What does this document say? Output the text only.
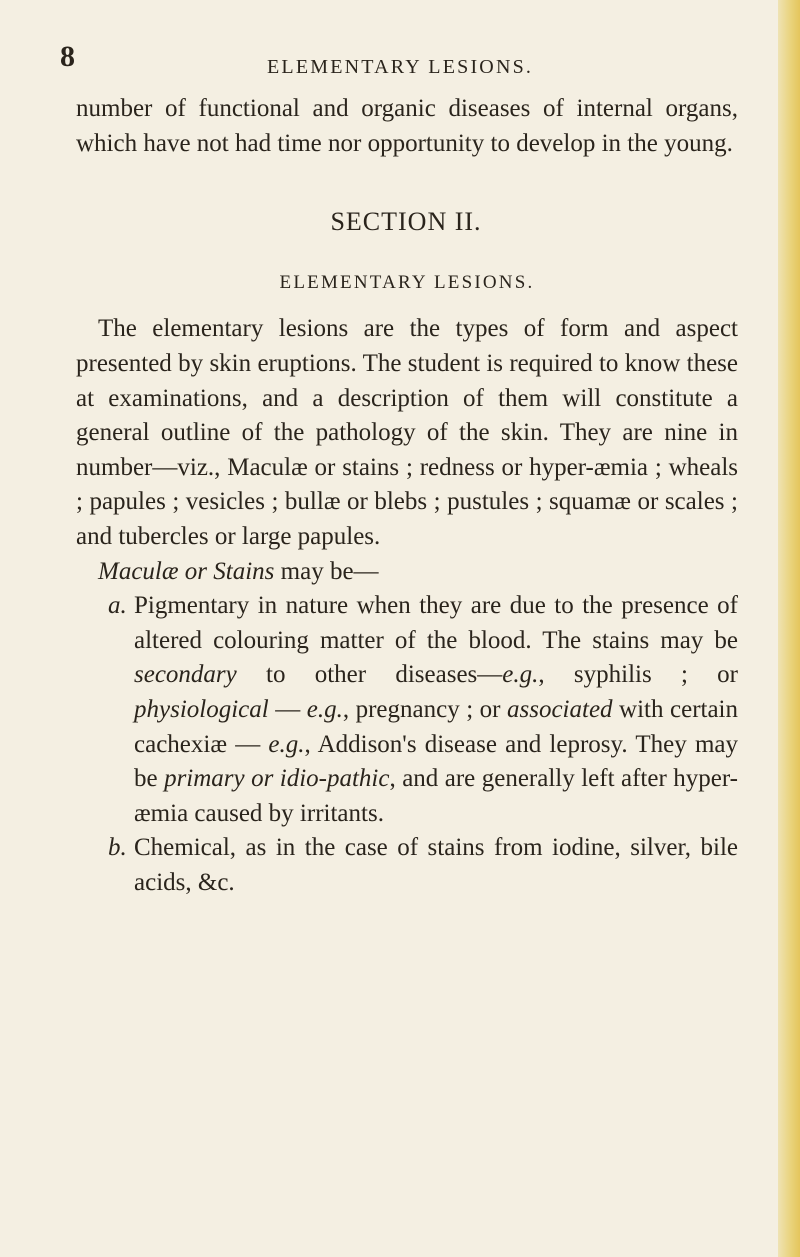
8	ELEMENTARY LESIONS.

number of functional and organic diseases of internal organs, which have not had time nor opportunity to develop in the young.

SECTION II.
ELEMENTARY LESIONS.

The elementary lesions are the types of form and aspect presented by skin eruptions. The student is required to know these at examinations, and a description of them will constitute a general outline of the pathology of the skin. They are nine in number—viz., Maculæ or stains ; redness or hyper-æmia ; wheals ; papules ; vesicles ; bullæ or blebs ; pustules ; squamæ or scales ; and tubercles or large papules.

Maculæ or Stains may be—

a. Pigmentary in nature when they are due to the presence of altered colouring matter of the blood. The stains may be secondary to other diseases—e.g., syphilis ; or physiological — e.g., pregnancy ; or associated with certain cachexiæ — e.g., Addison's disease and leprosy. They may be primary or idio-pathic, and are generally left after hyper-æmia caused by irritants.
b. Chemical, as in the case of stains from iodine, silver, bile acids, &c.
